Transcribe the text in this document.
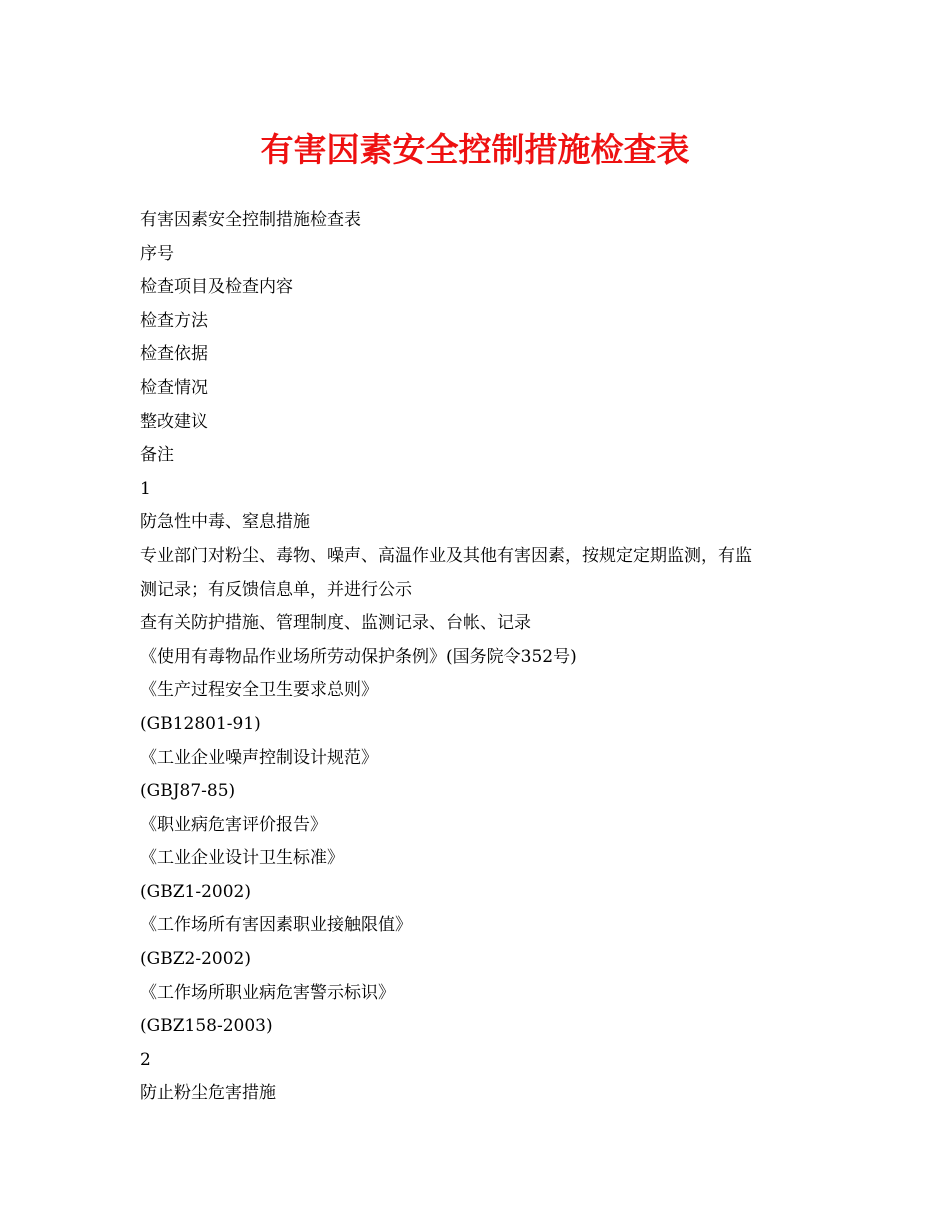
有害因素安全控制措施检查表
有害因素安全控制措施检查表
序号
检查项目及检查内容
检查方法
检查依据
检查情况
整改建议
备注
1
防急性中毒、窒息措施
专业部门对粉尘、毒物、噪声、高温作业及其他有害因素，按规定定期监测，有监
测记录；有反馈信息单，并进行公示
查有关防护措施、管理制度、监测记录、台帐、记录
《使用有毒物品作业场所劳动保护条例》(国务院令352号)
《生产过程安全卫生要求总则》
(GB12801-91)
《工业企业噪声控制设计规范》
(GBJ87-85)
《职业病危害评价报告》
《工业企业设计卫生标准》
(GBZ1-2002)
《工作场所有害因素职业接触限值》
(GBZ2-2002)
《工作场所职业病危害警示标识》
(GBZ158-2003)
2
防止粉尘危害措施
